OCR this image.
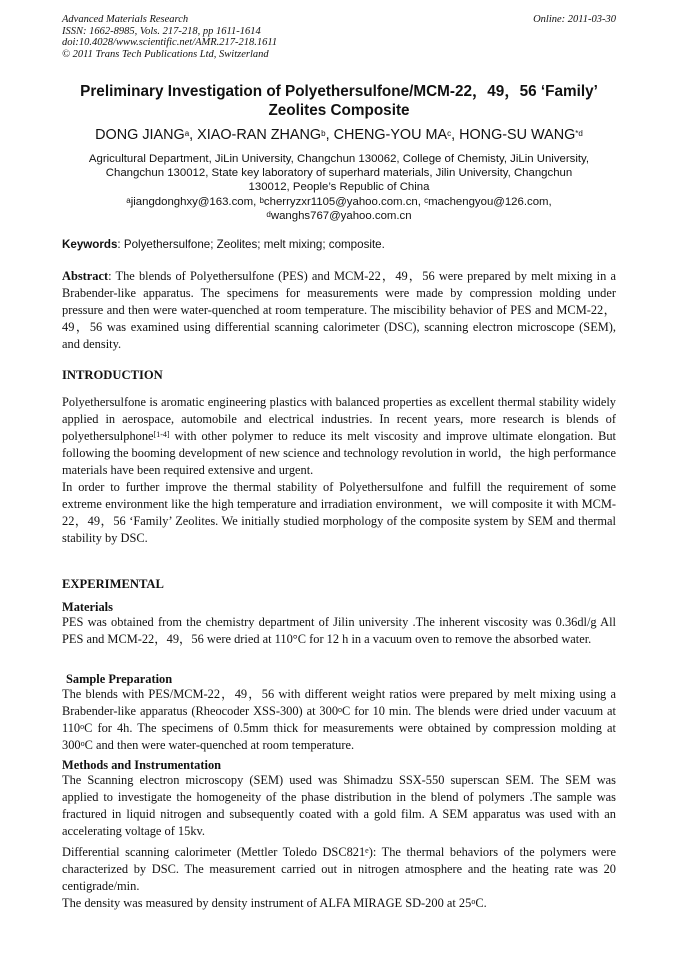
Advanced Materials Research
ISSN: 1662-8985, Vols. 217-218, pp 1611-1614
doi:10.4028/www.scientific.net/AMR.217-218.1611
© 2011 Trans Tech Publications Ltd, Switzerland
Online: 2011-03-30
Preliminary Investigation of Polyethersulfone/MCM-22，49，56 ‘Family’
Zeolites Composite
DONG JIANG$^a$, XIAO-RAN ZHANG$^b$, CHENG-YOU $MA^c$, HONG-SU WANG$^{*d}$
Agricultural Department, JiLin University, Changchun 130062, College of Chemisty, JiLin University,
Changchun 130012, State key laboratory of superhard materials, Jilin University, Changchun
130012, People’s Republic of China
$^a$jiangdonghxy@163.com, $^b$cherryzxr1105@yahoo.com.cn, $^c$machengyou@126.com,
$^d$wanghs767@yahoo.com.cn
Keywords: Polyethersulfone; Zeolites; melt mixing; composite.

Abstract: The blends of Polyethersulfone (PES) and MCM-22，49，56 were prepared by melt mixing in a Brabender-like apparatus. The specimens for measurements were made by compression molding under pressure and then were water-quenched at room temperature. The miscibility behavior of PES and MCM-22，49，56 was examined using differential scanning calorimeter (DSC), scanning electron microscope (SEM), and density.

INTRODUCTION

Polyethersulfone is aromatic engineering plastics with balanced properties as excellent thermal stability widely applied in aerospace, automobile and electrical industries. In recent years, more research is blends of polyethersulphone[1-4] with other polymer to reduce its melt viscosity and improve ultimate elongation. But following the booming development of new science and technology revolution in world，the high performance materials have been required extensive and urgent.

In order to further improve the thermal stability of Polyethersulfone and fulfill the requirement of some extreme environment like the high temperature and irradiation environment，we will composite it with MCM-22，49，56 ‘Family’ Zeolites. We initially studied morphology of the composite system by SEM and thermal stability by DSC.

EXPERIMENTAL
Materials
PES was obtained from the chemistry department of Jilin university .The inherent viscosity was 0.36dl/g All PES and MCM-22，49，56 were dried at 110°C for 12 h in a vacuum oven to remove the absorbed water.
Sample Preparation

The blends with PES/MCM-22，49，56 with different weight ratios were prepared by melt mixing using a Brabender-like apparatus (Rheocoder XSS-300) at 300$^o$C for 10 min. The blends were dried under vacuum at 110$^o$C for 4h. The specimens of 0.5mm thick for measurements were obtained by compression molding at 300$^o$C and then were water-quenched at room temperature.

Methods and Instrumentation

The Scanning electron microscopy (SEM) used was Shimadzu SSX-550 superscan SEM. The SEM was applied to investigate the homogeneity of the phase distribution in the blend of polymers .The sample was fractured in liquid nitrogen and subsequently coated with a gold film. A SEM apparatus was used with an accelerating voltage of 15kv.

Differential scanning calorimeter (Mettler Toledo DSC821e): The thermal behaviors of the polymers were characterized by DSC. The measurement carried out in nitrogen atmosphere and the heating rate was 20 centigrade/min.

The density was measured by density instrument of ALFA MIRAGE SD-200 at 25$^o$C.
